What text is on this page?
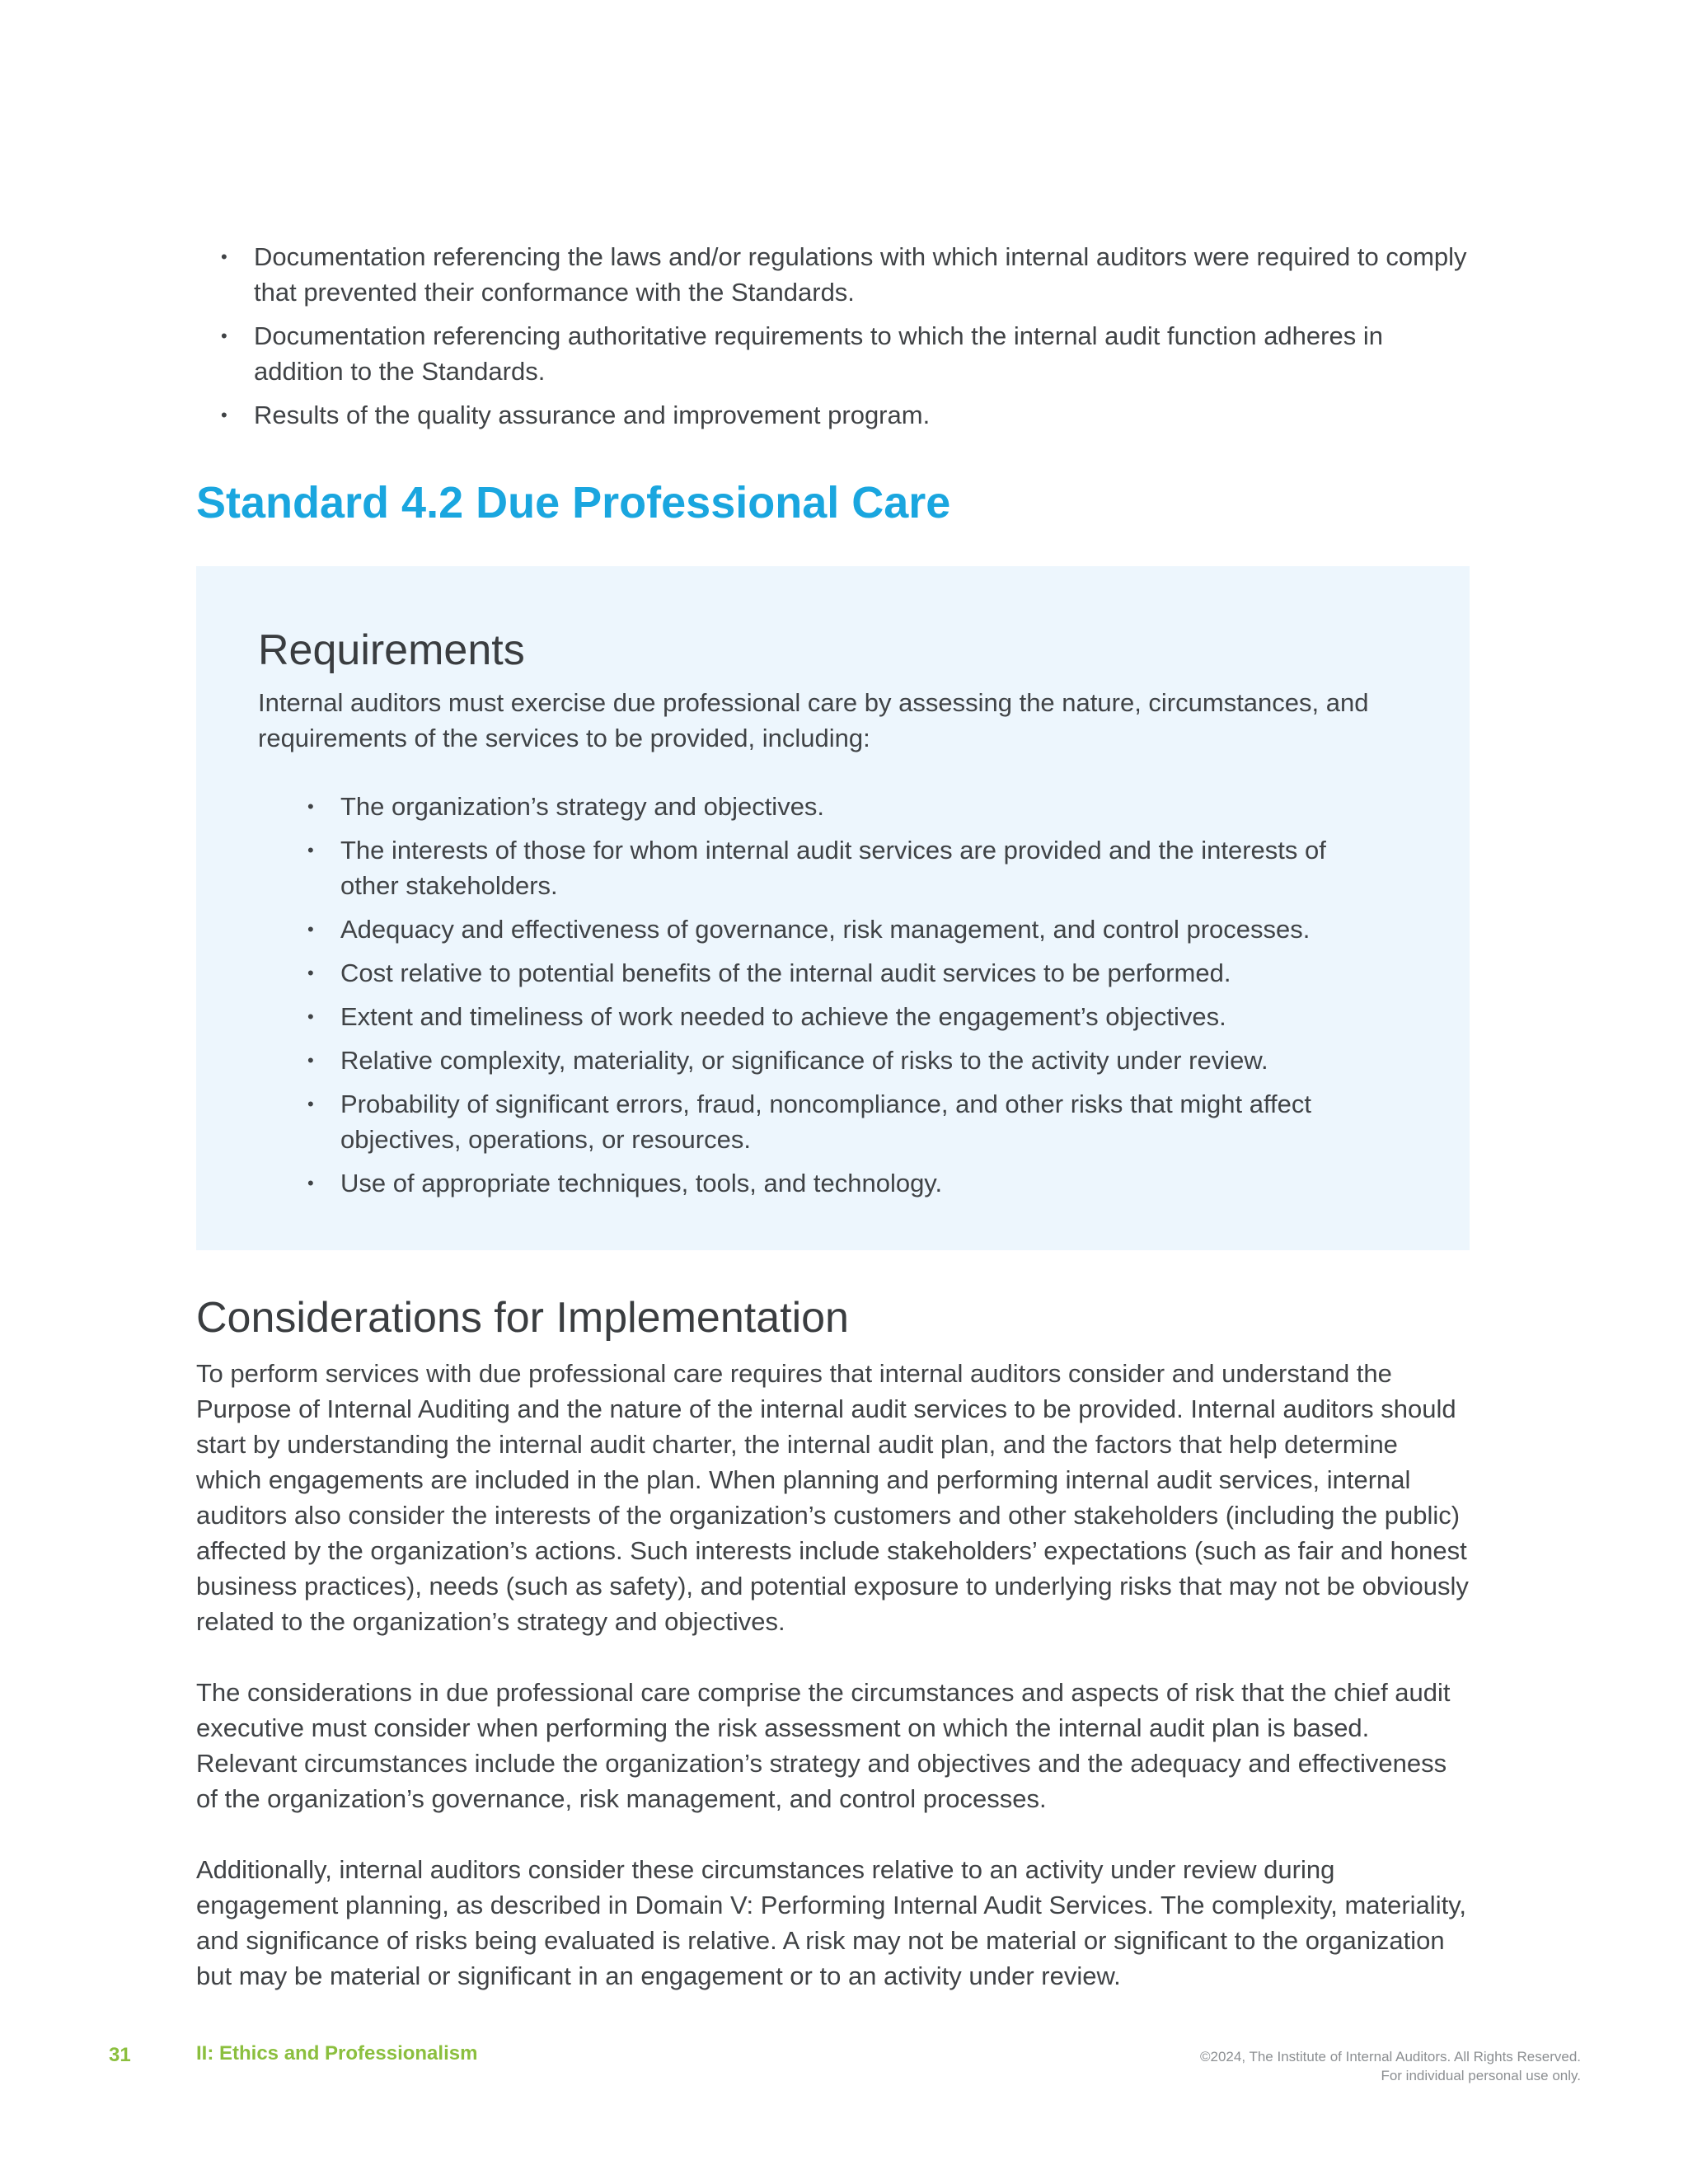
• Documentation referencing the laws and/or regulations with which internal auditors were required to comply that prevented their conformance with the Standards.
• Documentation referencing authoritative requirements to which the internal audit function adheres in addition to the Standards.
• Results of the quality assurance and improvement program.
Standard 4.2 Due Professional Care
Requirements

Internal auditors must exercise due professional care by assessing the nature, circumstances, and requirements of the services to be provided, including:

• The organization’s strategy and objectives.
• The interests of those for whom internal audit services are provided and the interests of other stakeholders.
• Adequacy and effectiveness of governance, risk management, and control processes.
• Cost relative to potential benefits of the internal audit services to be performed.
• Extent and timeliness of work needed to achieve the engagement’s objectives.
• Relative complexity, materiality, or significance of risks to the activity under review.
• Probability of significant errors, fraud, noncompliance, and other risks that might affect objectives, operations, or resources.
• Use of appropriate techniques, tools, and technology.
Considerations for Implementation

To perform services with due professional care requires that internal auditors consider and understand the Purpose of Internal Auditing and the nature of the internal audit services to be provided. Internal auditors should start by understanding the internal audit charter, the internal audit plan, and the factors that help determine which engagements are included in the plan. When planning and performing internal audit services, internal auditors also consider the interests of the organization’s customers and other stakeholders (including the public) affected by the organization’s actions. Such interests include stakeholders’ expectations (such as fair and honest business practices), needs (such as safety), and potential exposure to underlying risks that may not be obviously related to the organization’s strategy and objectives.

The considerations in due professional care comprise the circumstances and aspects of risk that the chief audit executive must consider when performing the risk assessment on which the internal audit plan is based. Relevant circumstances include the organization’s strategy and objectives and the adequacy and effectiveness of the organization’s governance, risk management, and control processes.

Additionally, internal auditors consider these circumstances relative to an activity under review during engagement planning, as described in Domain V: Performing Internal Audit Services. The complexity, materiality, and significance of risks being evaluated is relative. A risk may not be material or significant to the organization but may be material or significant in an engagement or to an activity under review.

31	II: Ethics and Professionalism	©2024, The Institute of Internal Auditors. All Rights Reserved.
For individual personal use only.
